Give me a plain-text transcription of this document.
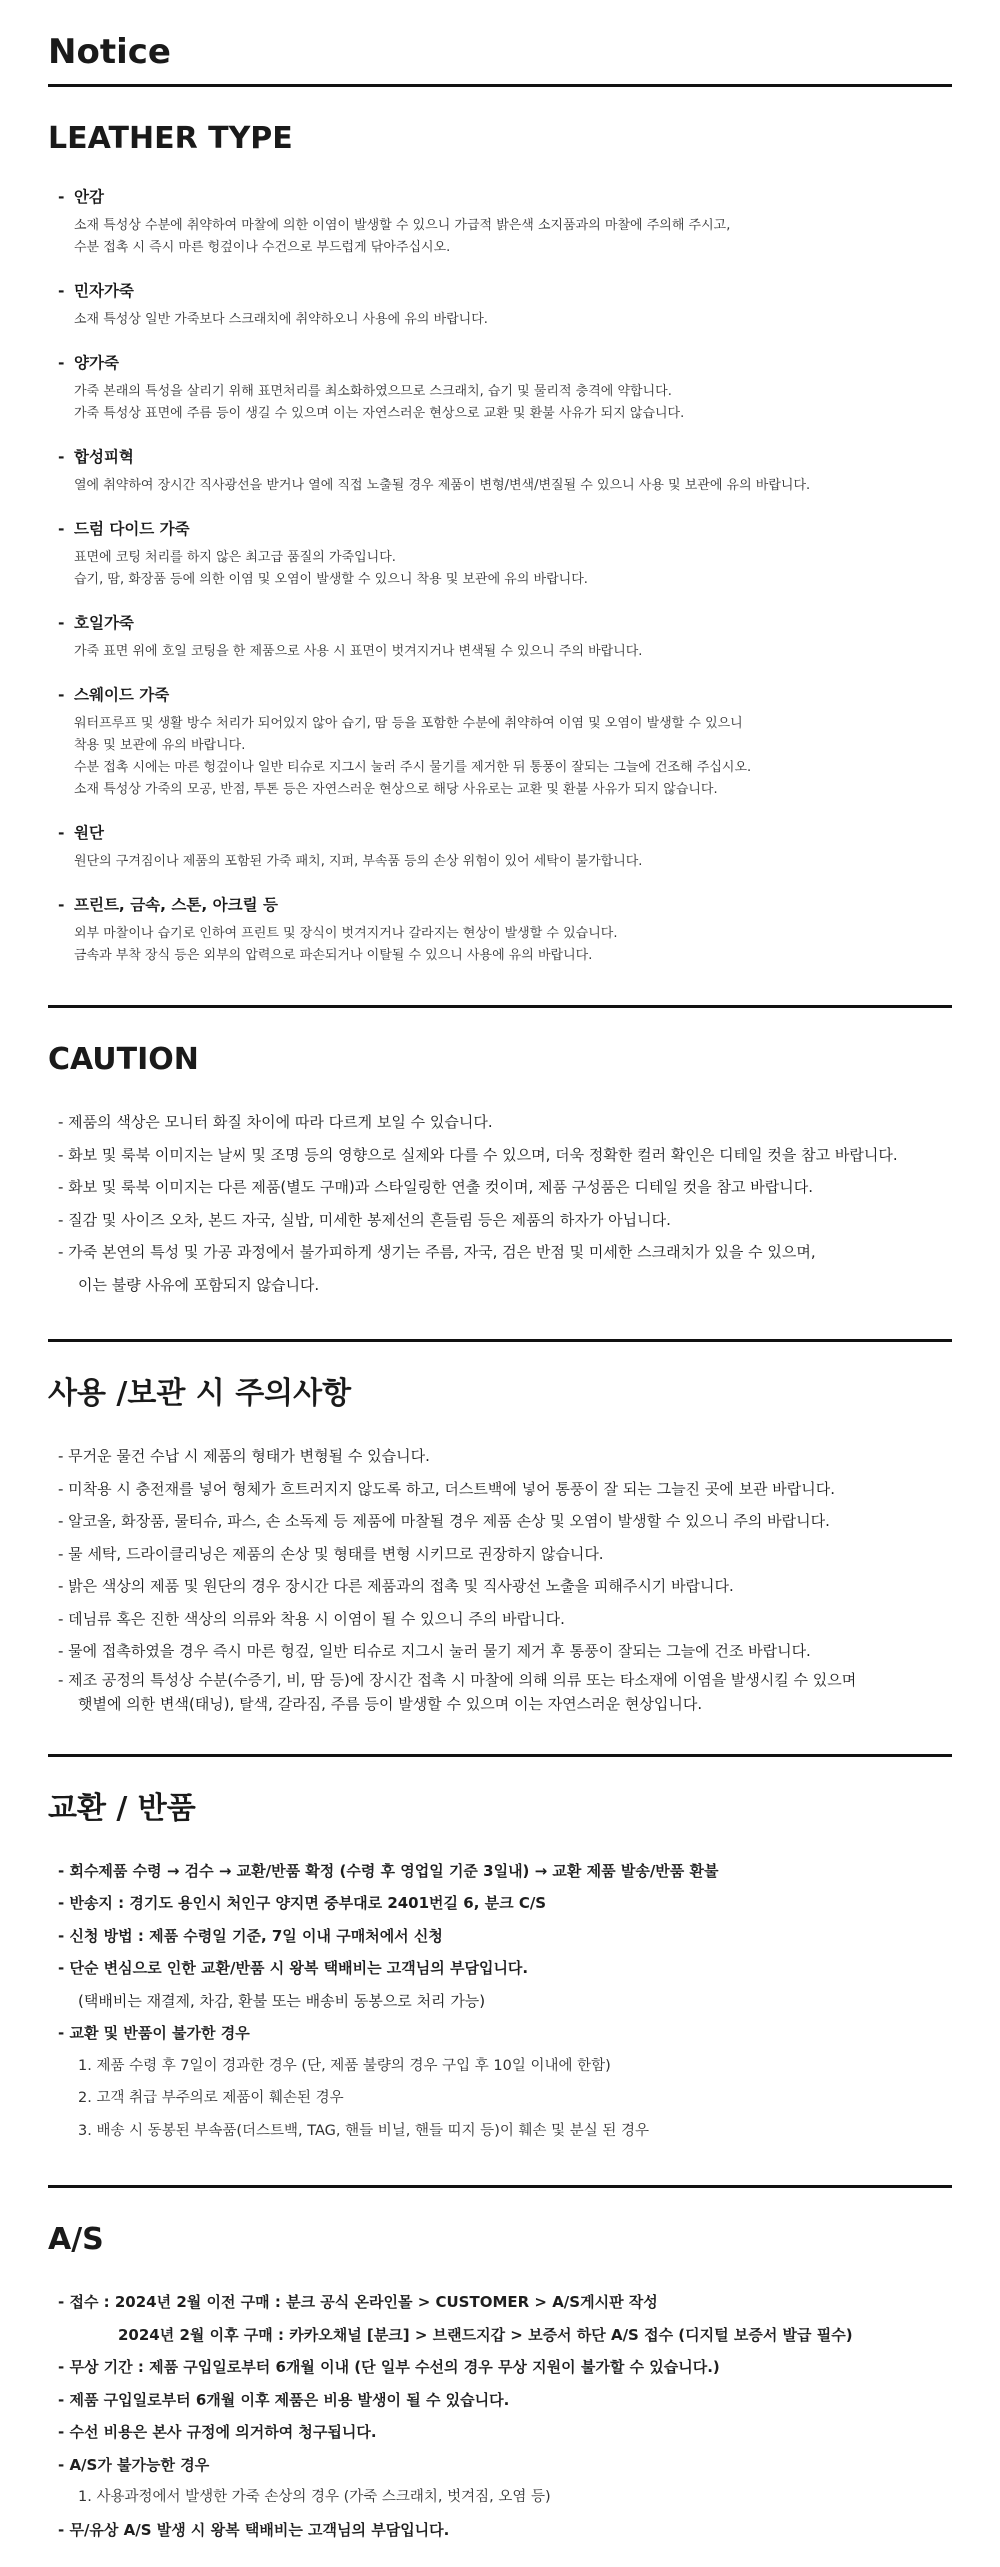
Notice
LEATHER TYPE
- 안감
소재 특성상 수분에 취약하여 마찰에 의한 이염이 발생할 수 있으니 가급적 밝은색 소지품과의 마찰에 주의해 주시고,
수분 접촉 시 즉시 마른 헝겊이나 수건으로 부드럽게 닦아주십시오.
- 민자가죽
소재 특성상 일반 가죽보다 스크래치에 취약하오니 사용에 유의 바랍니다.
- 양가죽
가죽 본래의 특성을 살리기 위해 표면처리를 최소화하였으므로 스크래치, 습기 및 물리적 충격에 약합니다.
가죽 특성상 표면에 주름 등이 생길 수 있으며 이는 자연스러운 현상으로 교환 및 환불 사유가 되지 않습니다.
- 합성피혁
열에 취약하여 장시간 직사광선을 받거나 열에 직접 노출될 경우 제품이 변형/변색/변질될 수 있으니 사용 및 보관에 유의 바랍니다.
- 드럼 다이드 가죽
표면에 코팅 처리를 하지 않은 최고급 품질의 가죽입니다.
습기, 땀, 화장품 등에 의한 이염 및 오염이 발생할 수 있으니 착용 및 보관에 유의 바랍니다.
- 호일가죽
가죽 표면 위에 호일 코팅을 한 제품으로 사용 시 표면이 벗겨지거나 변색될 수 있으니 주의 바랍니다.
- 스웨이드 가죽
워터프루프 및 생활 방수 처리가 되어있지 않아 습기, 땀 등을 포함한 수분에 취약하여 이염 및 오염이 발생할 수 있으니
착용 및 보관에 유의 바랍니다.
수분 접촉 시에는 마른 헝겊이나 일반 티슈로 지그시 눌러 주시 물기를 제거한 뒤 통풍이 잘되는 그늘에 건조해 주십시오.
소재 특성상 가죽의 모공, 반점, 투톤 등은 자연스러운 현상으로 해당 사유로는 교환 및 환불 사유가 되지 않습니다.
- 원단
원단의 구겨짐이나 제품의 포함된 가죽 패치, 지퍼, 부속품 등의 손상 위험이 있어 세탁이 불가합니다.
- 프린트, 금속, 스톤, 아크릴 등
외부 마찰이나 습기로 인하여 프린트 및 장식이 벗겨지거나 갈라지는 현상이 발생할 수 있습니다.
금속과 부착 장식 등은 외부의 압력으로 파손되거나 이탈될 수 있으니 사용에 유의 바랍니다.
CAUTION
- 제품의 색상은 모니터 화질 차이에 따라 다르게 보일 수 있습니다.
- 화보 및 룩북 이미지는 날씨 및 조명 등의 영향으로 실제와 다를 수 있으며, 더욱 정확한 컬러 확인은 디테일 컷을 참고 바랍니다.
- 화보 및 룩북 이미지는 다른 제품(별도 구매)과 스타일링한 연출 컷이며, 제품 구성품은 디테일 컷을 참고 바랍니다.
- 질감 및 사이즈 오차, 본드 자국, 실밥, 미세한 봉제선의 흔들림 등은 제품의 하자가 아닙니다.
- 가죽 본연의 특성 및 가공 과정에서 불가피하게 생기는 주름, 자국, 검은 반점 및 미세한 스크래치가 있을 수 있으며,
이는 불량 사유에 포함되지 않습니다.
사용 /보관 시 주의사항
- 무거운 물건 수납 시 제품의 형태가 변형될 수 있습니다.
- 미착용 시 충전재를 넣어 형체가 흐트러지지 않도록 하고, 더스트백에 넣어 통풍이 잘 되는 그늘진 곳에 보관 바랍니다.
- 알코올, 화장품, 물티슈, 파스, 손 소독제 등 제품에 마찰될 경우 제품 손상 및 오염이 발생할 수 있으니 주의 바랍니다.
- 물 세탁, 드라이클리닝은 제품의 손상 및 형태를 변형 시키므로 권장하지 않습니다.
- 밝은 색상의 제품 및 원단의 경우 장시간 다른 제품과의 접촉 및 직사광선 노출을 피해주시기 바랍니다.
- 데님류 혹은 진한 색상의 의류와 착용 시 이염이 될 수 있으니 주의 바랍니다.
- 물에 접촉하였을 경우 즉시 마른 헝겊, 일반 티슈로 지그시 눌러 물기 제거 후 통풍이 잘되는 그늘에 건조 바랍니다.
- 제조 공정의 특성상 수분(수증기, 비, 땀 등)에 장시간 접촉 시 마찰에 의해 의류 또는 타소재에 이염을 발생시킬 수 있으며
햇볕에 의한 변색(태닝), 탈색, 갈라짐, 주름 등이 발생할 수 있으며 이는 자연스러운 현상입니다.
교환 / 반품
- 회수제품 수령 → 검수 → 교환/반품 확정 (수령 후 영업일 기준 3일내) → 교환 제품 발송/반품 환불
- 반송지 : 경기도 용인시 처인구 양지면 중부대로 2401번길 6, 분크 C/S
- 신청 방법 : 제품 수령일 기준, 7일 이내 구매처에서 신청
- 단순 변심으로 인한 교환/반품 시 왕복 택배비는 고객님의 부담입니다.
(택배비는 재결제, 차감, 환불 또는 배송비 동봉으로 처리 가능)
- 교환 및 반품이 불가한 경우
1. 제품 수령 후 7일이 경과한 경우 (단, 제품 불량의 경우 구입 후 10일 이내에 한함)
2. 고객 취급 부주의로 제품이 훼손된 경우
3. 배송 시 동봉된 부속품(더스트백, TAG, 핸들 비닐, 핸들 띠지 등)이 훼손 및 분실 된 경우
A/S
- 접수 : 2024년 2월 이전 구매 : 분크 공식 온라인몰 > CUSTOMER > A/S게시판 작성
2024년 2월 이후 구매 : 카카오채널 [분크] > 브랜드지갑 > 보증서 하단 A/S 접수 (디지털 보증서 발급 필수)
- 무상 기간 : 제품 구입일로부터 6개월 이내 (단 일부 수선의 경우 무상 지원이 불가할 수 있습니다.)
- 제품 구입일로부터 6개월 이후 제품은 비용 발생이 될 수 있습니다.
- 수선 비용은 본사 규정에 의거하여 청구됩니다.
- A/S가 불가능한 경우
1. 사용과정에서 발생한 가죽 손상의 경우 (가죽 스크래치, 벗겨짐, 오염 등)
- 무/유상 A/S 발생 시 왕복 택배비는 고객님의 부담입니다.
